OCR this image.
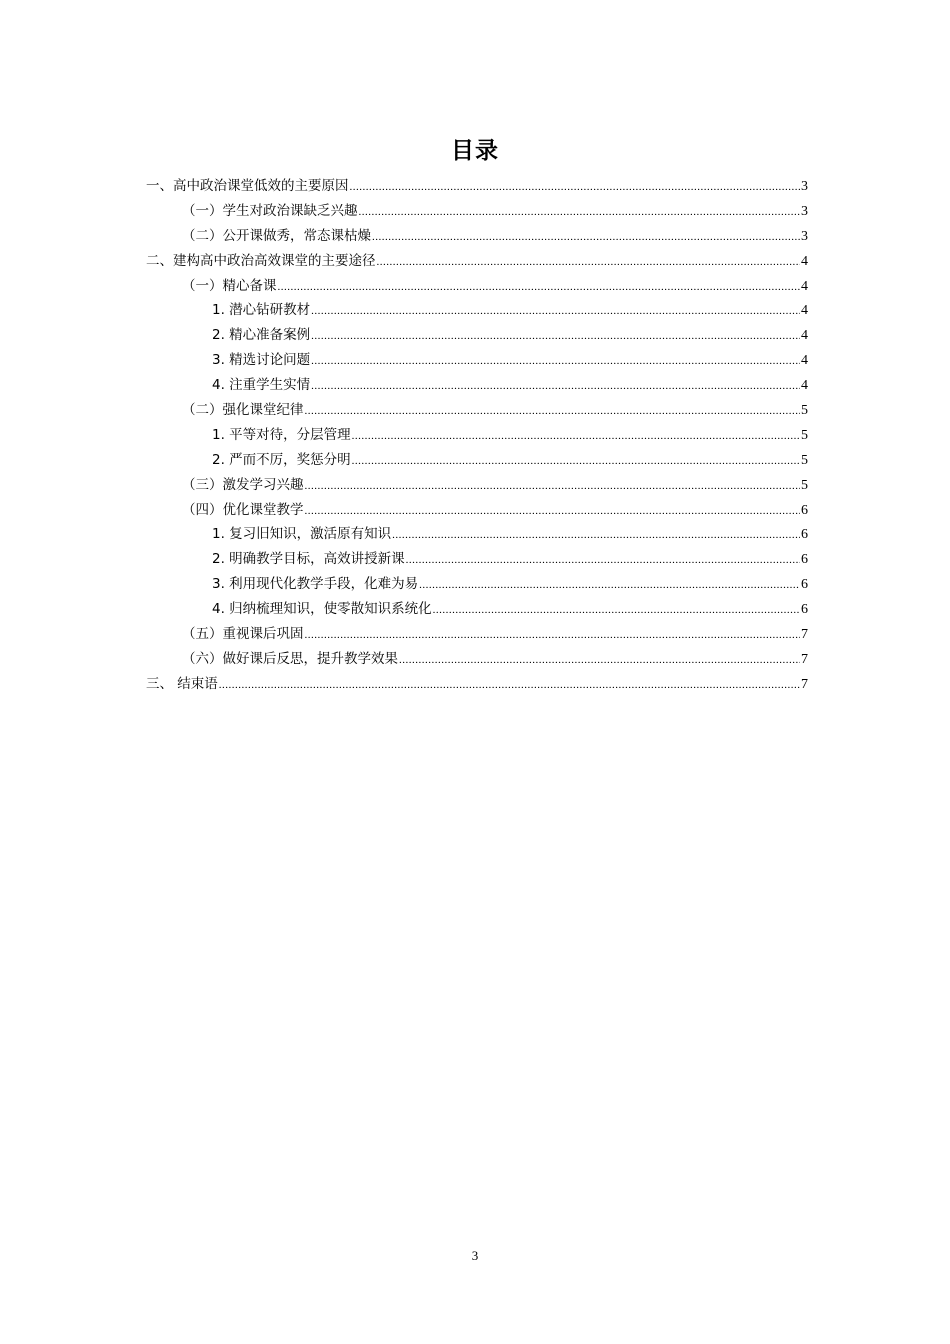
目录
一、高中政治课堂低效的主要原因 .....	3
（一）学生对政治课缺乏兴趣 .....	3
（二）公开课做秀，常态课枯燥 .....	3
二、建构高中政治高效课堂的主要途径 .....	4
（一）精心备课 .....	4
1. 潜心钻研教材 .....	4
2. 精心准备案例 .....	4
3. 精选讨论问题 .....	4
4. 注重学生实情 .....	4
（二）强化课堂纪律 .....	5
1. 平等对待，分层管理 .....	5
2. 严而不厉，奖惩分明 .....	5
（三）激发学习兴趣 .....	5
（四）优化课堂教学 .....	6
1. 复习旧知识，激活原有知识 .....	6
2. 明确教学目标，高效讲授新课 .....	6
3. 利用现代化教学手段，化难为易 .....	6
4. 归纳梳理知识，使零散知识系统化 .....	6
（五）重视课后巩固 .....	7
（六）做好课后反思，提升教学效果 .....	7
三、 结束语 .....	7
3
